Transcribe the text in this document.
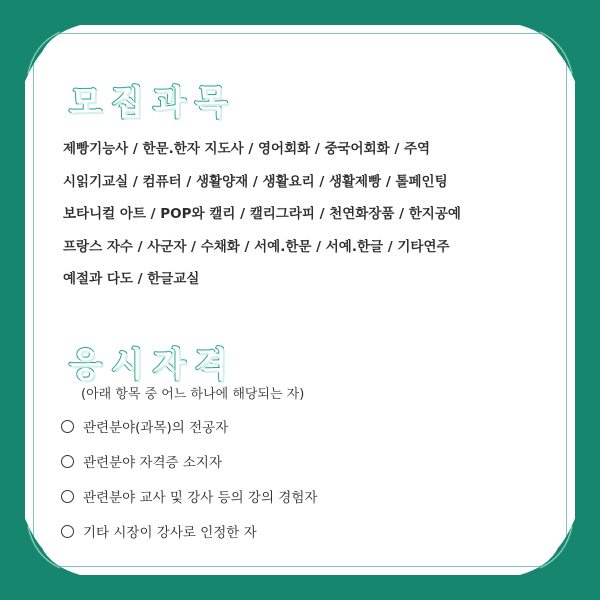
모집과목
제빵기능사 / 한문.한자 지도사 / 영어회화 / 중국어회화 / 주역
시읽기교실 / 컴퓨터 / 생활양재 / 생활요리 / 생활제빵 / 톨페인팅
보타니컬 아트 / POP와 캘리 / 캘리그라피 / 천연화장품 / 한지공예
프랑스 자수 / 사군자 / 수채화 / 서예.한문 / 서예.한글 / 기타연주
예절과 다도 / 한글교실
응시자격
(아래 항목 중 어느 하나에 해당되는 자)
관련분야(과목)의 전공자
관련분야 자격증 소지자
관련분야 교사 및 강사 등의 강의 경험자
기타 시장이 강사로 인정한 자
